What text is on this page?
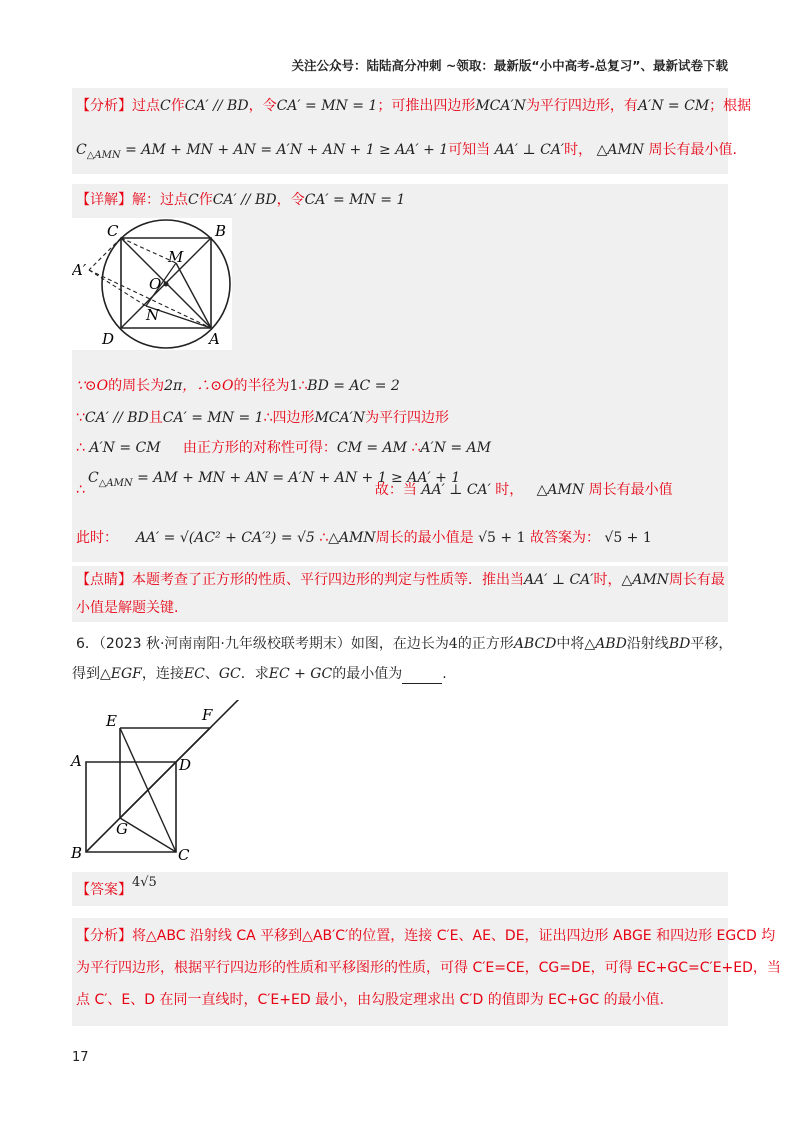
关注公众号：陆陆高分冲刺 ~领取：最新版“小中高考-总复习”、最新试卷下载
【分析】过点C作CA′ // BD，令CA′ = MN = 1；可推出四边形MCA′N为平行四边形，有A′N = CM；根据
$C_{\triangle AMN}$ = AM + MN + AN = A′N + AN + 1 ≥ AA′ + 1可知当 AA′ ⊥ CA′时， △AMN 周长有最小值.
【详解】解：过点C作CA′ // BD，令CA′ = MN = 1
C	B
A′
M
O
N
D	A
∵⊙O的周长为2π，∴⊙O的半径为1∴BD = AC = 2
∵CA′ // BD且CA′ = MN = 1∴四边形MCA′N为平行四边形
∴ A′N = CM 由正方形的对称性可得：CM = AM ∴A′N = AM
$C_{\triangle AMN}$ = AM + MN + AN = A′N + AN + 1 ≥ AA′ + 1
∴	故：当 AA′ ⊥ CA′ 时， △AMN 周长有最小值
此时： AA′ = √(AC² + CA′²) = √5 ∴△AMN周长的最小值是 √5 + 1 故答案为： √5 + 1
【点睛】本题考查了正方形的性质、平行四边形的判定与性质等．推出当AA′ ⊥ CA′时，△AMN周长有最
小值是解题关键.
6．（2023 秋·河南南阳·九年级校联考期末）如图，在边长为4的正方形ABCD中将△ABD沿射线BD平移，
得到△EGF，连接EC、GC．求EC + GC的最小值为	.
E	F
A	D
G
B	C
【答案】4√5
【分析】将△ABC 沿射线 CA 平移到△AB′C′的位置，连接 C′E、AE、DE，证出四边形 ABGE 和四边形 EGCD 均
为平行四边形，根据平行四边形的性质和平移图形的性质，可得 C′E=CE，CG=DE，可得 EC+GC=C′E+ED，当
点 C′、E、D 在同一直线时，C′E+ED 最小，由勾股定理求出 C′D 的值即为 EC+GC 的最小值.
17
